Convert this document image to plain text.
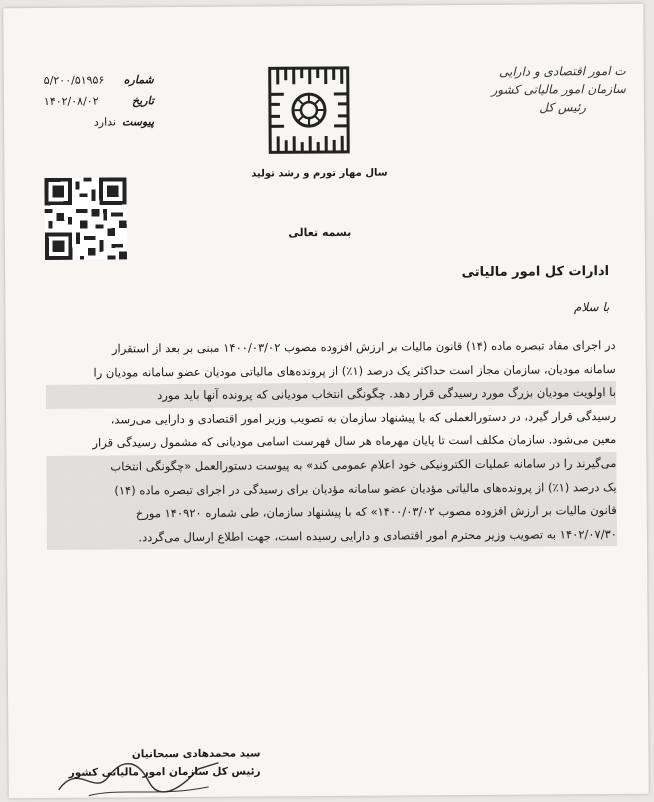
ت امور اقتصادی و دارایی
سازمان امور مالیاتی کشور
رئیس کل
سال مهار تورم و رشد تولید
شماره
۵/۲۰۰/۵۱۹۵۶
تاریخ
۱۴۰۲/۰۸/۰۲
پیوست
ندارد
بسمه تعالی
ادارات کل امور مالیاتی
با سلام
در اجرای مفاد تبصره ماده (۱۴) قانون مالیات بر ارزش افزوده مصوب ۱۴۰۰/۰۳/۰۲ مبنی بر بعد از استقرار
سامانه مودیان، سازمان مجاز است حداکثر یک درصد (۱٪) از پرونده‌های مالیاتی مودیان عضو سامانه مودیان را
با اولویت مودیان بزرگ مورد رسیدگی قرار دهد. چگونگی انتخاب مودیانی که پرونده آنها باید مورد
رسیدگی قرار گیرد، در دستورالعملی که با پیشنهاد سازمان به تصویب وزیر امور اقتصادی و دارایی می‌رسد،
معین می‌شود. سازمان مکلف است تا پایان مهرماه هر سال فهرست اسامی مودیانی که مشمول رسیدگی قرار
می‌گیرند را در سامانه عملیات الکترونیکی خود اعلام عمومی کند» به پیوست دستورالعمل «چگونگی انتخاب
یک درصد (۱٪) از پرونده‌های مالیاتی مؤدیان عضو سامانه مؤدیان برای رسیدگی در اجرای تبصره ماده (۱۴)
قانون مالیات بر ارزش افزوده مصوب ۱۴۰۰/۰۳/۰۲» که با پیشنهاد سازمان، طی شماره ۱۴۰۹۲۰ مورخ
۱۴۰۲/۰۷/۳۰ به تصویب وزیر محترم امور اقتصادی و دارایی رسیده است، جهت اطلاع ارسال می‌گردد.
سید محمدهادی سبحانیان
رئیس کل سازمان امور مالیاتی کشور
